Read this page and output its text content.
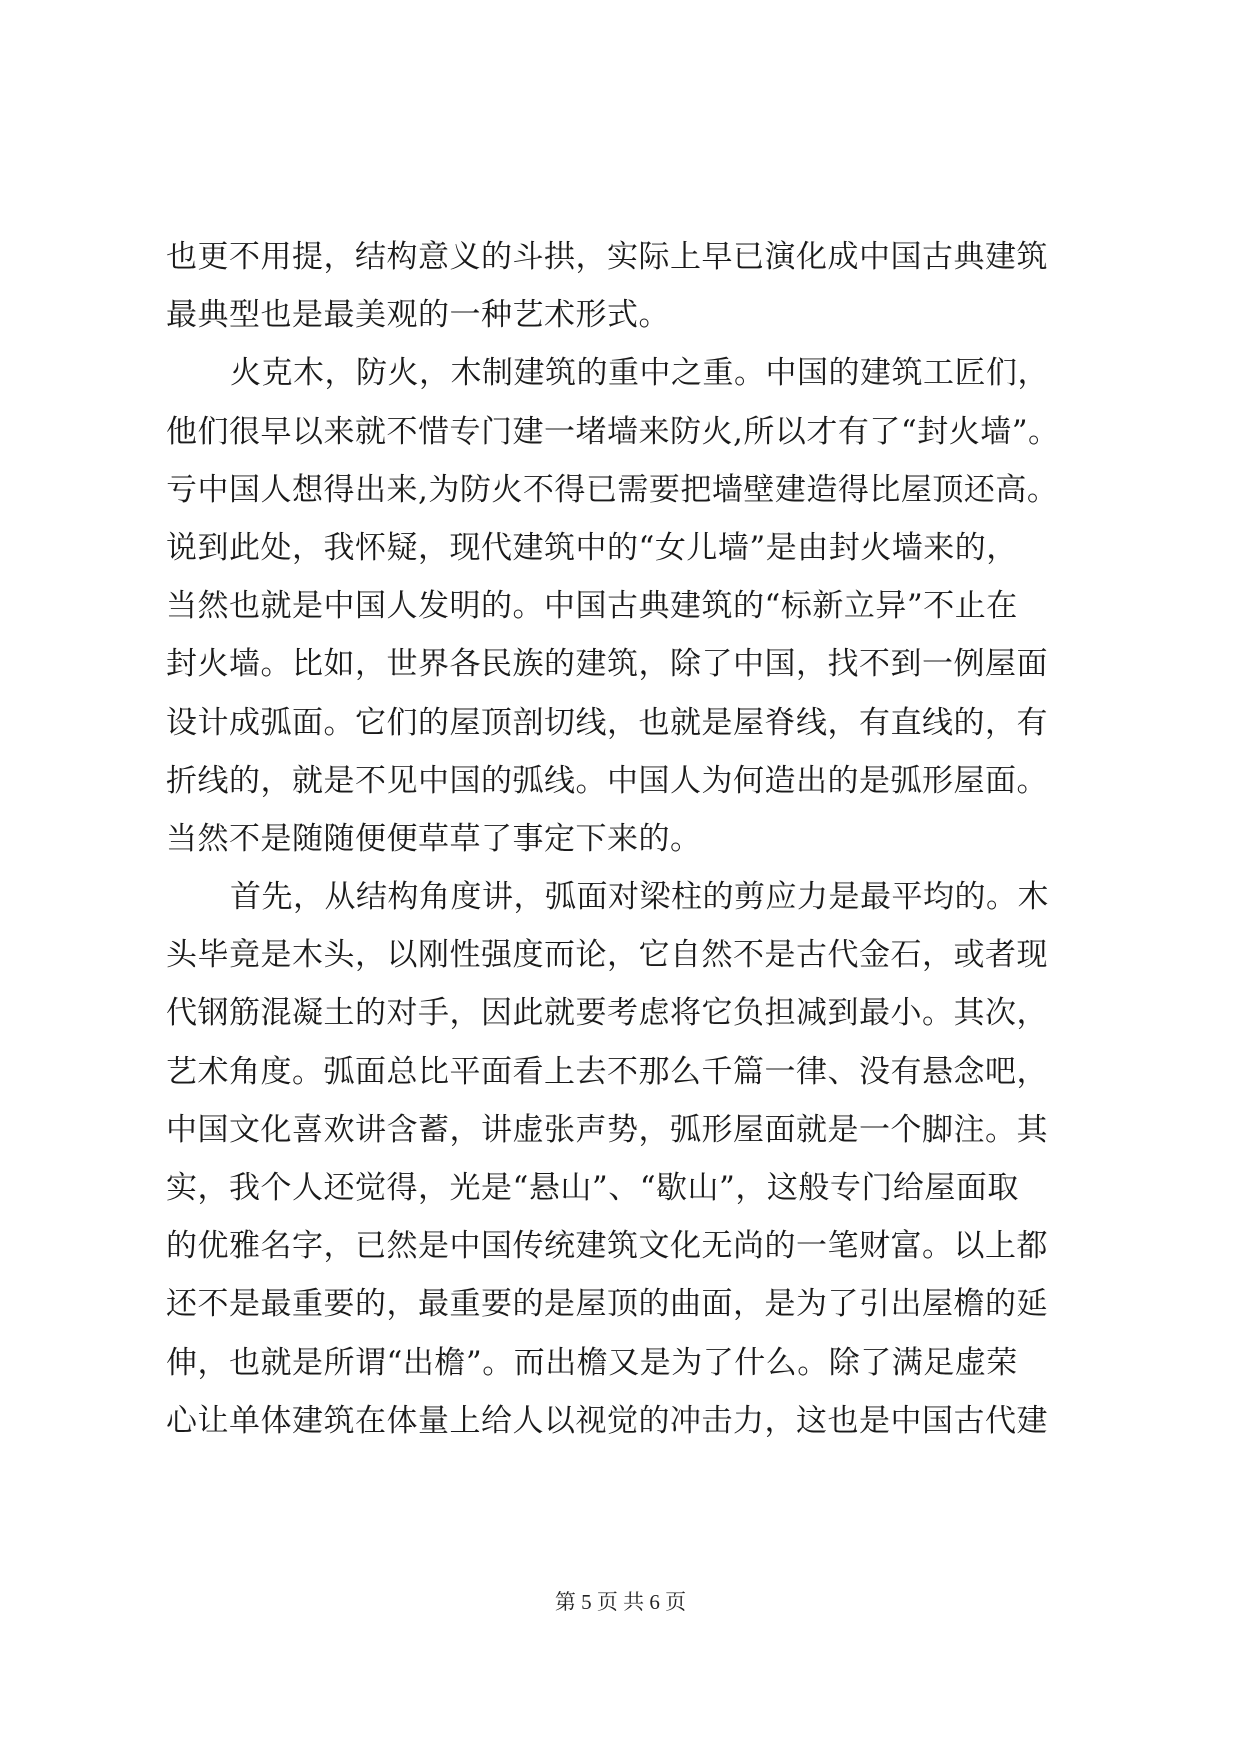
也更不用提，结构意义的斗拱，实际上早已演化成中国古典建筑
最典型也是最美观的一种艺术形式。
火克木，防火，木制建筑的重中之重。中国的建筑工匠们，
他们很早以来就不惜专门建一堵墙来防火,所以才有了“封火墙”。
亏中国人想得出来,为防火不得已需要把墙壁建造得比屋顶还高。
说到此处，我怀疑，现代建筑中的“女儿墙”是由封火墙来的，
当然也就是中国人发明的。中国古典建筑的“标新立异”不止在
封火墙。比如，世界各民族的建筑，除了中国，找不到一例屋面
设计成弧面。它们的屋顶剖切线，也就是屋脊线，有直线的，有
折线的，就是不见中国的弧线。中国人为何造出的是弧形屋面。
当然不是随随便便草草了事定下来的。
首先，从结构角度讲，弧面对梁柱的剪应力是最平均的。木
头毕竟是木头，以刚性强度而论，它自然不是古代金石，或者现
代钢筋混凝土的对手，因此就要考虑将它负担减到最小。其次，
艺术角度。弧面总比平面看上去不那么千篇一律、没有悬念吧，
中国文化喜欢讲含蓄，讲虚张声势，弧形屋面就是一个脚注。其
实，我个人还觉得，光是“悬山”、“歇山”，这般专门给屋面取
的优雅名字，已然是中国传统建筑文化无尚的一笔财富。以上都
还不是最重要的，最重要的是屋顶的曲面，是为了引出屋檐的延
伸，也就是所谓“出檐”。而出檐又是为了什么。除了满足虚荣
心让单体建筑在体量上给人以视觉的冲击力，这也是中国古代建
第 5 页 共 6 页
